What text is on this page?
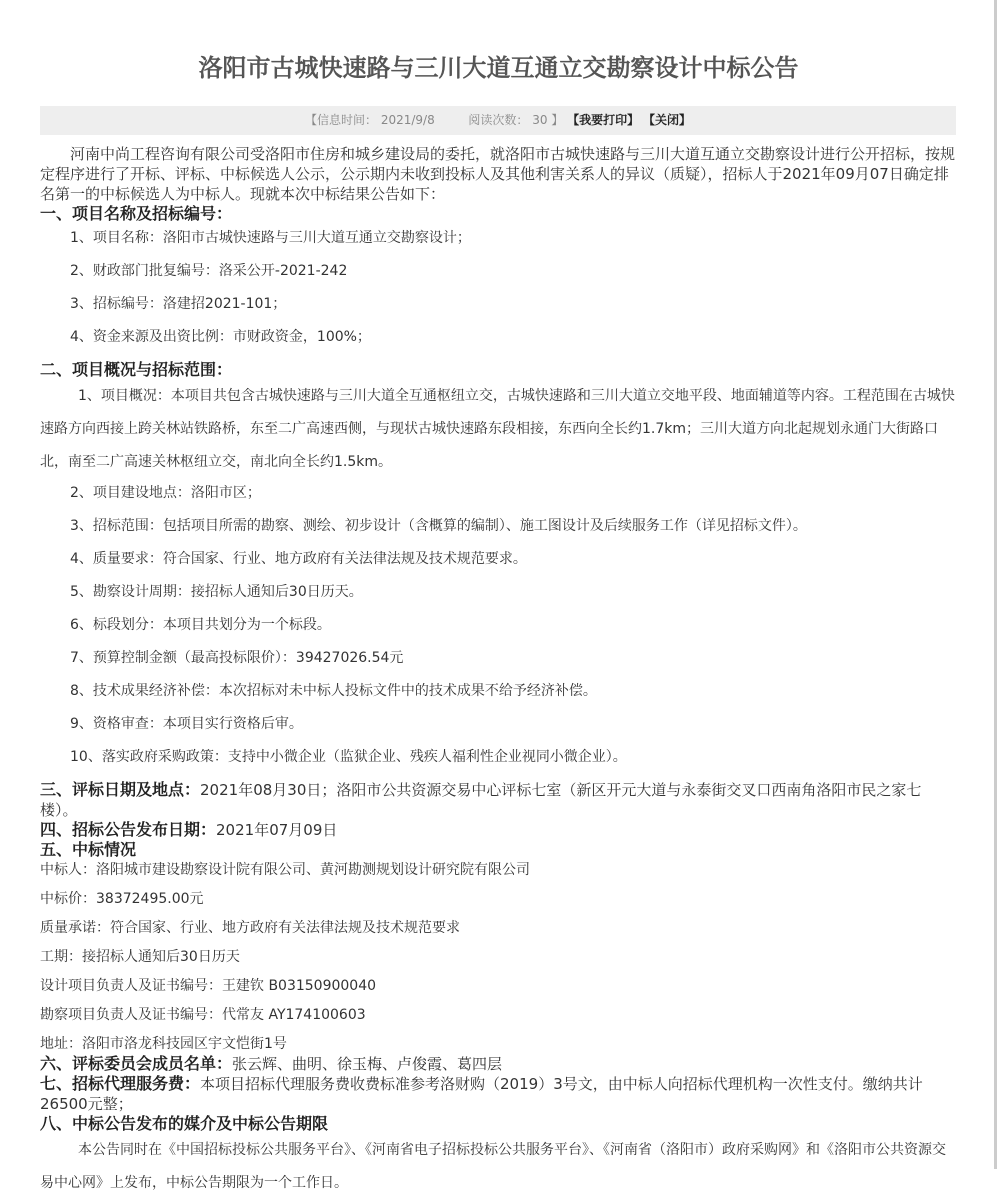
洛阳市古城快速路与三川大道互通立交勘察设计中标公告
【信息时间： 2021/9/8	阅读次数： 30 】 【我要打印】 【关闭】

河南中尚工程咨询有限公司受洛阳市住房和城乡建设局的委托，就洛阳市古城快速路与三川大道互通立交勘察设计进行公开招标，按规定程序进行了开标、评标、中标候选人公示，公示期内未收到投标人及其他利害关系人的异议（质疑），招标人于2021年09月07日确定排名第一的中标候选人为中标人。现就本次中标结果公告如下：

一、项目名称及招标编号：

1、项目名称：洛阳市古城快速路与三川大道互通立交勘察设计；

2、财政部门批复编号：洛采公开-2021-242

3、招标编号：洛建招2021-101；

4、资金来源及出资比例：市财政资金，100%；

二、项目概况与招标范围：

1、项目概况：本项目共包含古城快速路与三川大道全互通枢纽立交，古城快速路和三川大道立交地平段、地面辅道等内容。工程范围在古城快速路方向西接上跨关林站铁路桥，东至二广高速西侧，与现状古城快速路东段相接，东西向全长约1.7km；三川大道方向北起规划永通门大街路口北，南至二广高速关林枢纽立交，南北向全长约1.5km。

2、项目建设地点：洛阳市区；

3、招标范围：包括项目所需的勘察、测绘、初步设计（含概算的编制）、施工图设计及后续服务工作（详见招标文件）。

4、质量要求：符合国家、行业、地方政府有关法律法规及技术规范要求。

5、勘察设计周期：接招标人通知后30日历天。

6、标段划分：本项目共划分为一个标段。

7、预算控制金额（最高投标限价）：39427026.54元

8、技术成果经济补偿：本次招标对未中标人投标文件中的技术成果不给予经济补偿。

9、资格审查：本项目实行资格后审。

10、落实政府采购政策：支持中小微企业（监狱企业、残疾人福利性企业视同小微企业）。

三、评标日期及地点：2021年08月30日；洛阳市公共资源交易中心评标七室（新区开元大道与永泰街交叉口西南角洛阳市民之家七楼）。

四、招标公告发布日期：2021年07月09日

五、中标情况

中标人：洛阳城市建设勘察设计院有限公司、黄河勘测规划设计研究院有限公司

中标价：38372495.00元

质量承诺：符合国家、行业、地方政府有关法律法规及技术规范要求

工期：接招标人通知后30日历天

设计项目负责人及证书编号：王建钦 B03150900040

勘察项目负责人及证书编号：代常友 AY174100603

地址：洛阳市洛龙科技园区宇文恺街1号

六、评标委员会成员名单：张云辉、曲明、徐玉梅、卢俊霞、葛四层

七、招标代理服务费：本项目招标代理服务费收费标准参考洛财购（2019）3号文，由中标人向招标代理机构一次性支付。缴纳共计26500元整；

八、中标公告发布的媒介及中标公告期限

本公告同时在《中国招标投标公共服务平台》、《河南省电子招标投标公共服务平台》、《河南省（洛阳市）政府采购网》和《洛阳市公共资源交易中心网》上发布，中标公告期限为一个工作日。
